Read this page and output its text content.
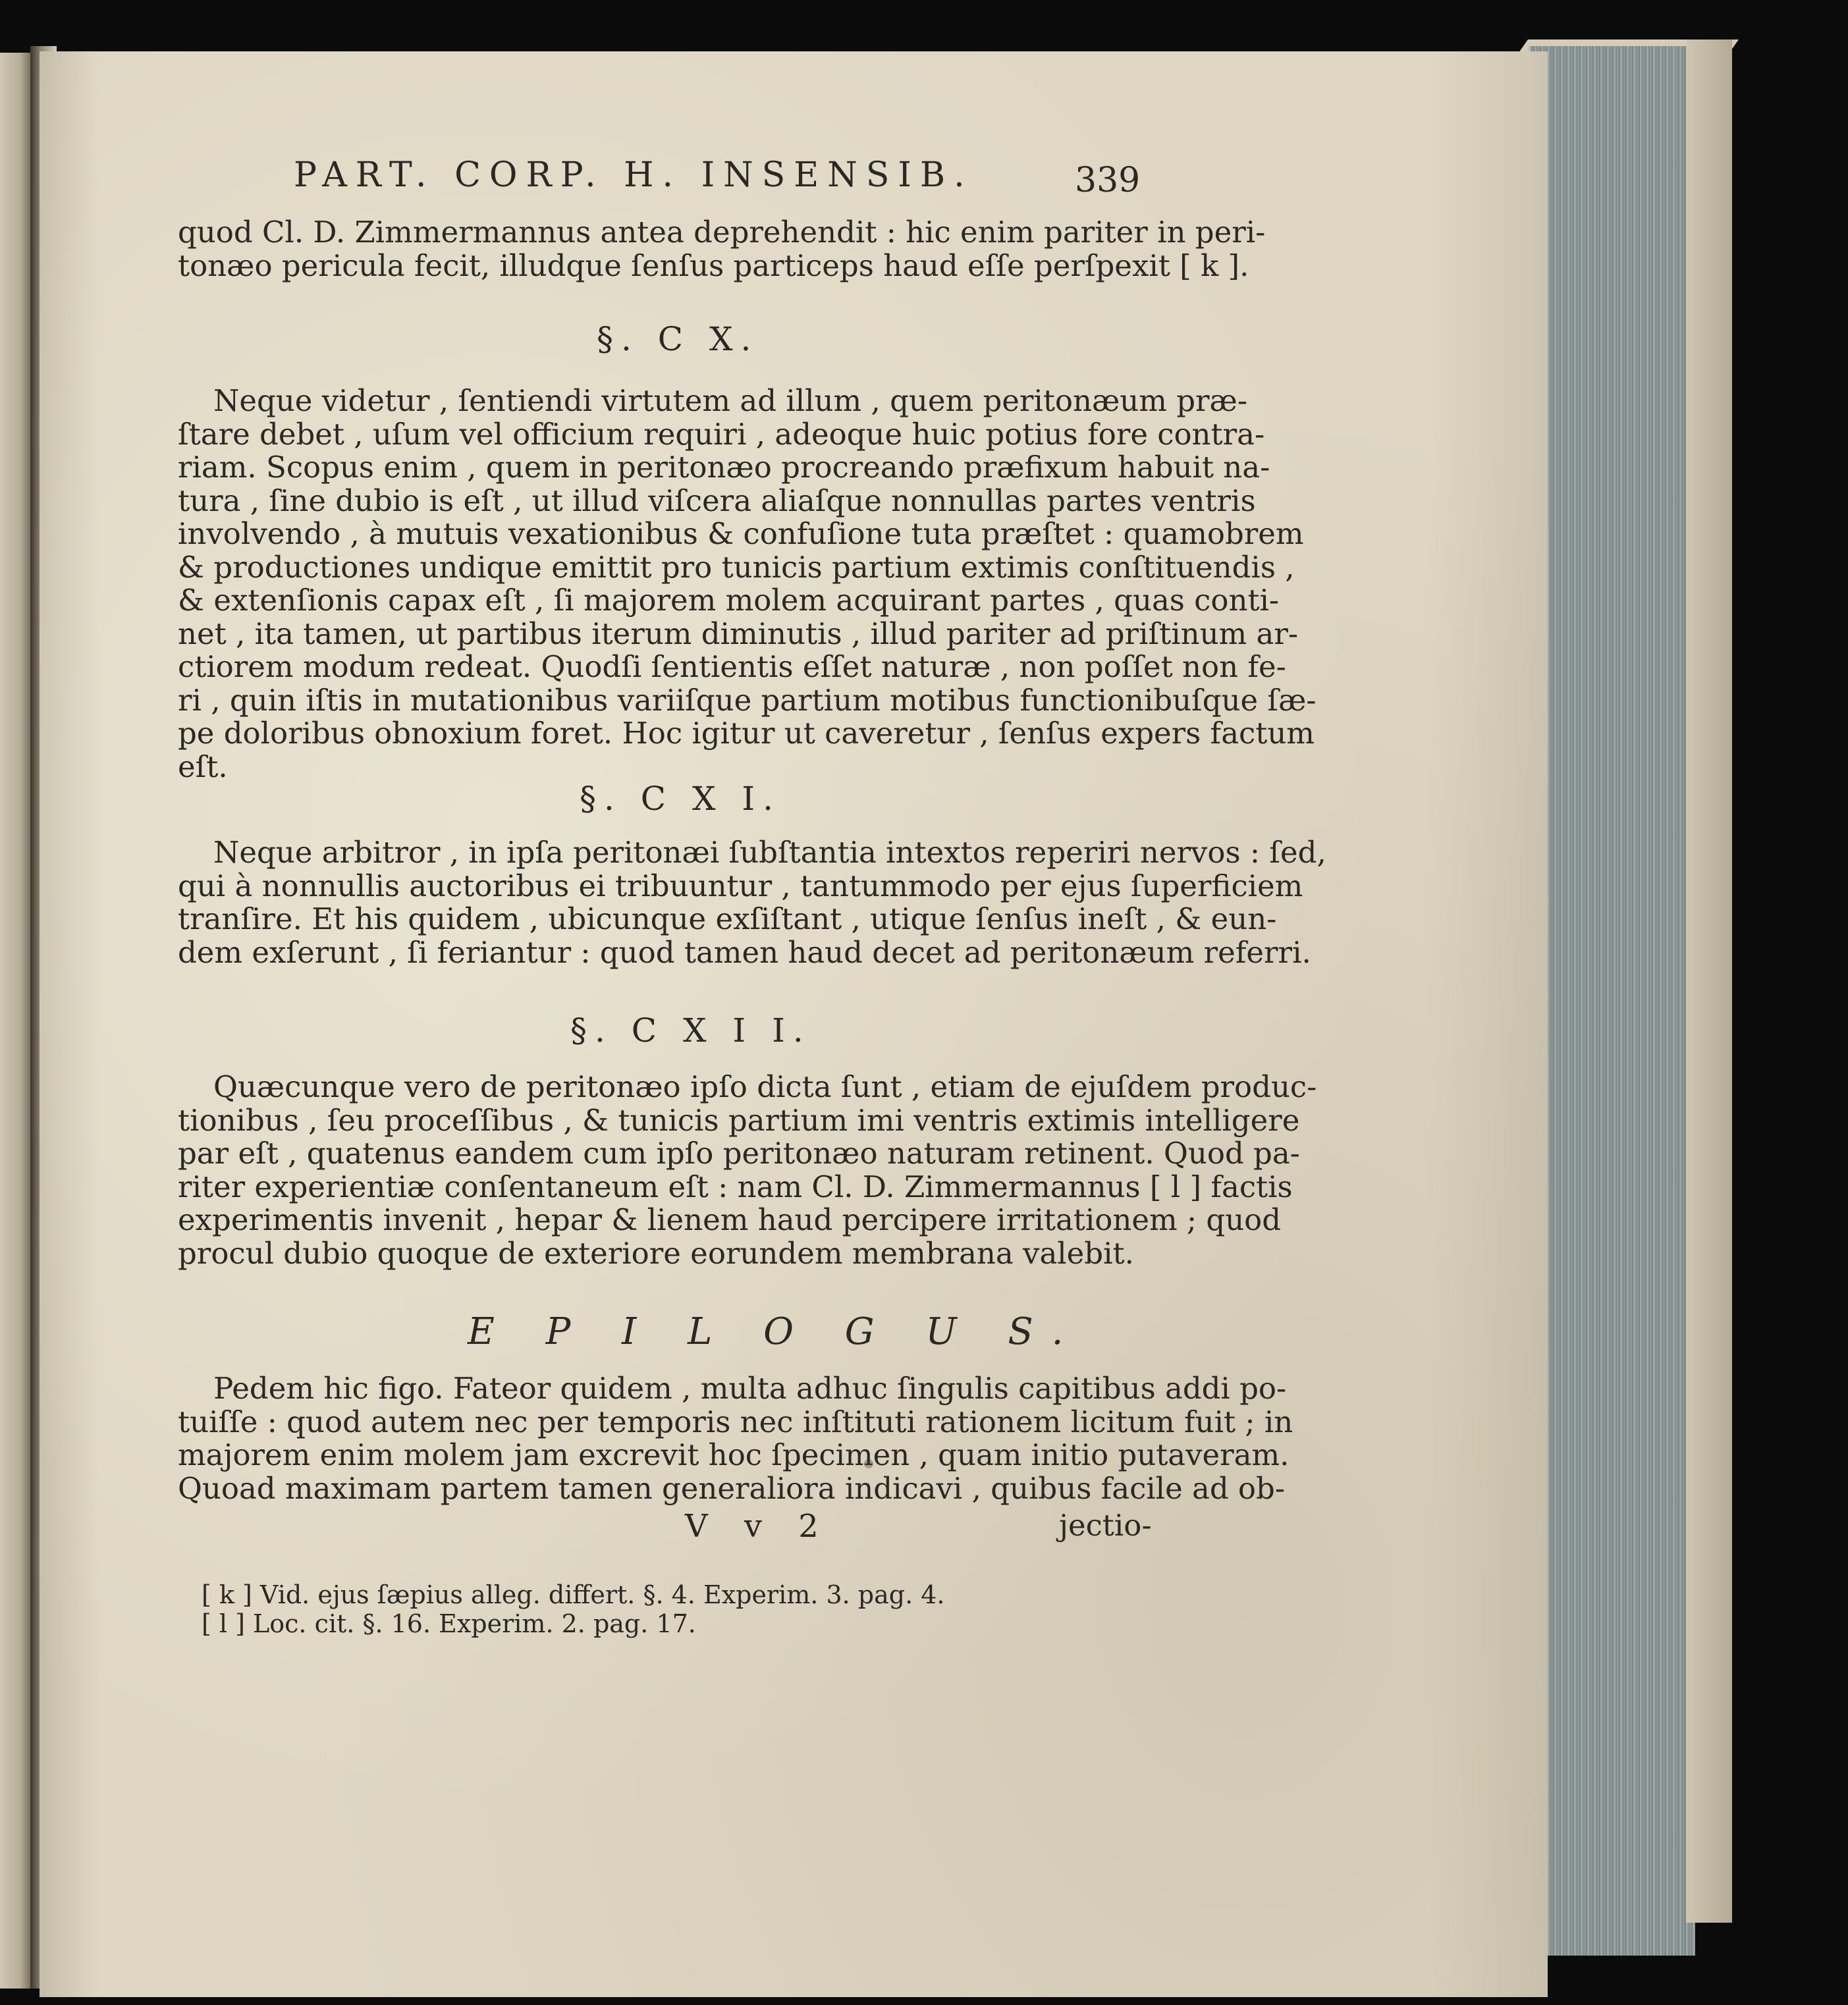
PART. CORP. H. INSENSIB.	339
quod Cl. D. Zimmermannus antea deprehendit : hic enim pariter in peri-
tonæo pericula fecit, illudque ſenſus particeps haud eſſe perſpexit [ k ].
§. C X.
Neque videtur , ſentiendi virtutem ad illum , quem peritonæum præ-
ſtare debet , uſum vel officium requiri , adeoque huic potius fore contra-
riam. Scopus enim , quem in peritonæo procreando præfixum habuit na-
tura , ſine dubio is eſt , ut illud viſcera aliaſque nonnullas partes ventris
involvendo , à mutuis vexationibus & confuſione tuta præſtet : quamobrem
& productiones undique emittit pro tunicis partium extimis conſtituendis ,
& extenſionis capax eſt , ſi majorem molem acquirant partes , quas conti-
net , ita tamen, ut partibus iterum diminutis , illud pariter ad priſtinum ar-
ctiorem modum redeat. Quodſi ſentientis eſſet naturæ , non poſſet non fe-
ri , quin iſtis in mutationibus variiſque partium motibus functionibuſque ſæ-
pe doloribus obnoxium foret. Hoc igitur ut caveretur , ſenſus expers factum
eſt.
§. C X I.
Neque arbitror , in ipſa peritonæi ſubſtantia intextos reperiri nervos : ſed,
qui à nonnullis auctoribus ei tribuuntur , tantummodo per ejus ſuperficiem
tranſire. Et his quidem , ubicunque exſiſtant , utique ſenſus ineſt , & eun-
dem exſerunt , ſi feriantur : quod tamen haud decet ad peritonæum referri.
§. C X I I.
Quæcunque vero de peritonæo ipſo dicta ſunt , etiam de ejuſdem produc-
tionibus , ſeu proceſſibus , & tunicis partium imi ventris extimis intelligere
par eſt , quatenus eandem cum ipſo peritonæo naturam retinent. Quod pa-
riter experientiæ conſentaneum eſt : nam Cl. D. Zimmermannus [ l ] factis
experimentis invenit , hepar & lienem haud percipere irritationem ; quod
procul dubio quoque de exteriore eorundem membrana valebit.
E P I L O G U S.
Pedem hic figo. Fateor quidem , multa adhuc ſingulis capitibus addi po-
tuiſſe : quod autem nec per temporis nec inſtituti rationem licitum fuit ; in
majorem enim molem jam excrevit hoc ſpecimen , quam initio putaveram.
Quoad maximam partem tamen generaliora indicavi , quibus facile ad ob-
V v 2	jectio-
[ k ] Vid. ejus ſæpius alleg. differt. §. 4. Experim. 3. pag. 4.
[ l ] Loc. cit. §. 16. Experim. 2. pag. 17.
